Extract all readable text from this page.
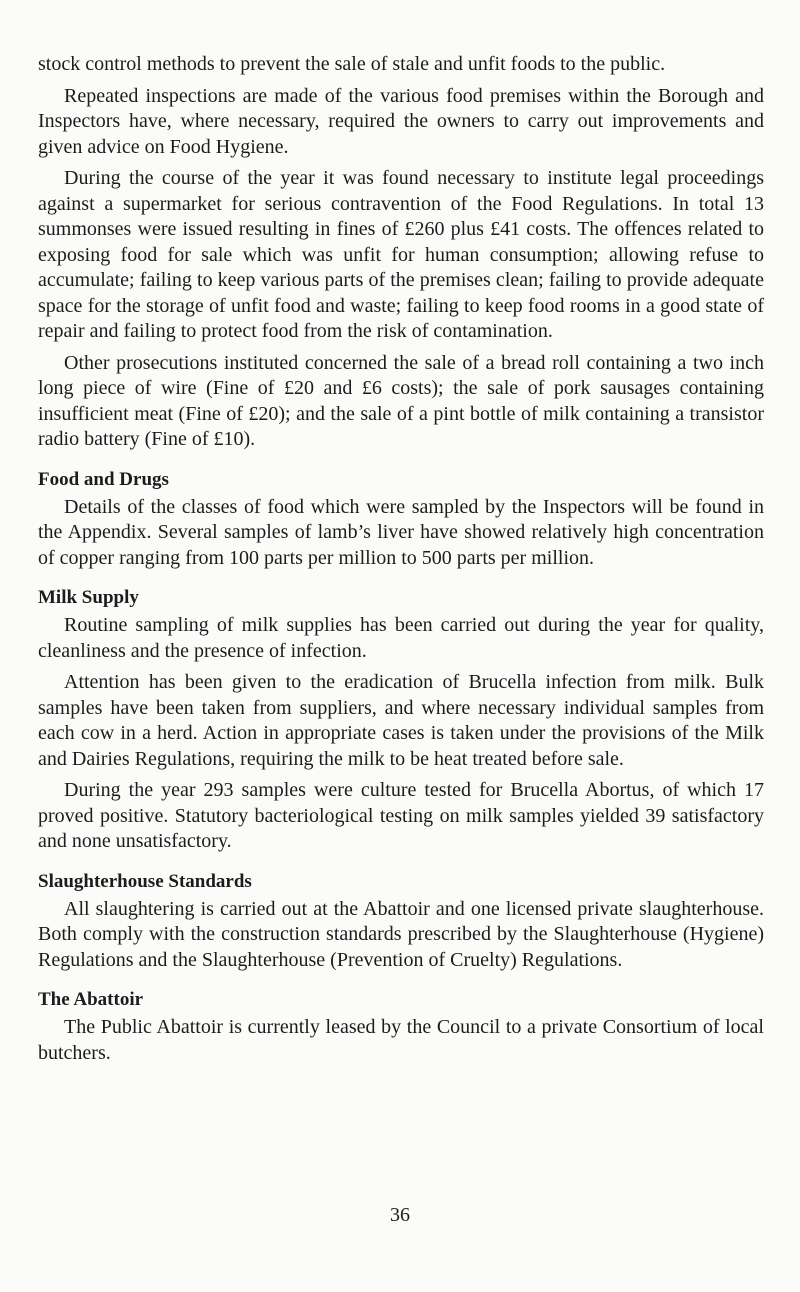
stock control methods to prevent the sale of stale and unfit foods to the public.

Repeated inspections are made of the various food premises within the Borough and Inspectors have, where necessary, required the owners to carry out improvements and given advice on Food Hygiene.

During the course of the year it was found necessary to institute legal proceedings against a supermarket for serious contravention of the Food Regulations. In total 13 summonses were issued resulting in fines of £260 plus £41 costs. The offences related to exposing food for sale which was unfit for human consumption; allowing refuse to accumulate; failing to keep various parts of the premises clean; failing to provide adequate space for the storage of unfit food and waste; failing to keep food rooms in a good state of repair and failing to protect food from the risk of contamination.

Other prosecutions instituted concerned the sale of a bread roll containing a two inch long piece of wire (Fine of £20 and £6 costs); the sale of pork sausages containing insufficient meat (Fine of £20); and the sale of a pint bottle of milk containing a transistor radio battery (Fine of £10).

Food and Drugs

Details of the classes of food which were sampled by the Inspectors will be found in the Appendix. Several samples of lamb’s liver have showed relatively high concentration of copper ranging from 100 parts per million to 500 parts per million.

Milk Supply

Routine sampling of milk supplies has been carried out during the year for quality, cleanliness and the presence of infection.

Attention has been given to the eradication of Brucella infection from milk. Bulk samples have been taken from suppliers, and where necessary individual samples from each cow in a herd. Action in appropriate cases is taken under the provisions of the Milk and Dairies Regulations, requiring the milk to be heat treated before sale.

During the year 293 samples were culture tested for Brucella Abortus, of which 17 proved positive. Statutory bacteriological testing on milk samples yielded 39 satisfactory and none unsatisfactory.

Slaughterhouse Standards

All slaughtering is carried out at the Abattoir and one licensed private slaughterhouse. Both comply with the construction standards prescribed by the Slaughterhouse (Hygiene) Regulations and the Slaughterhouse (Prevention of Cruelty) Regulations.

The Abattoir

The Public Abattoir is currently leased by the Council to a private Consortium of local butchers.

36
